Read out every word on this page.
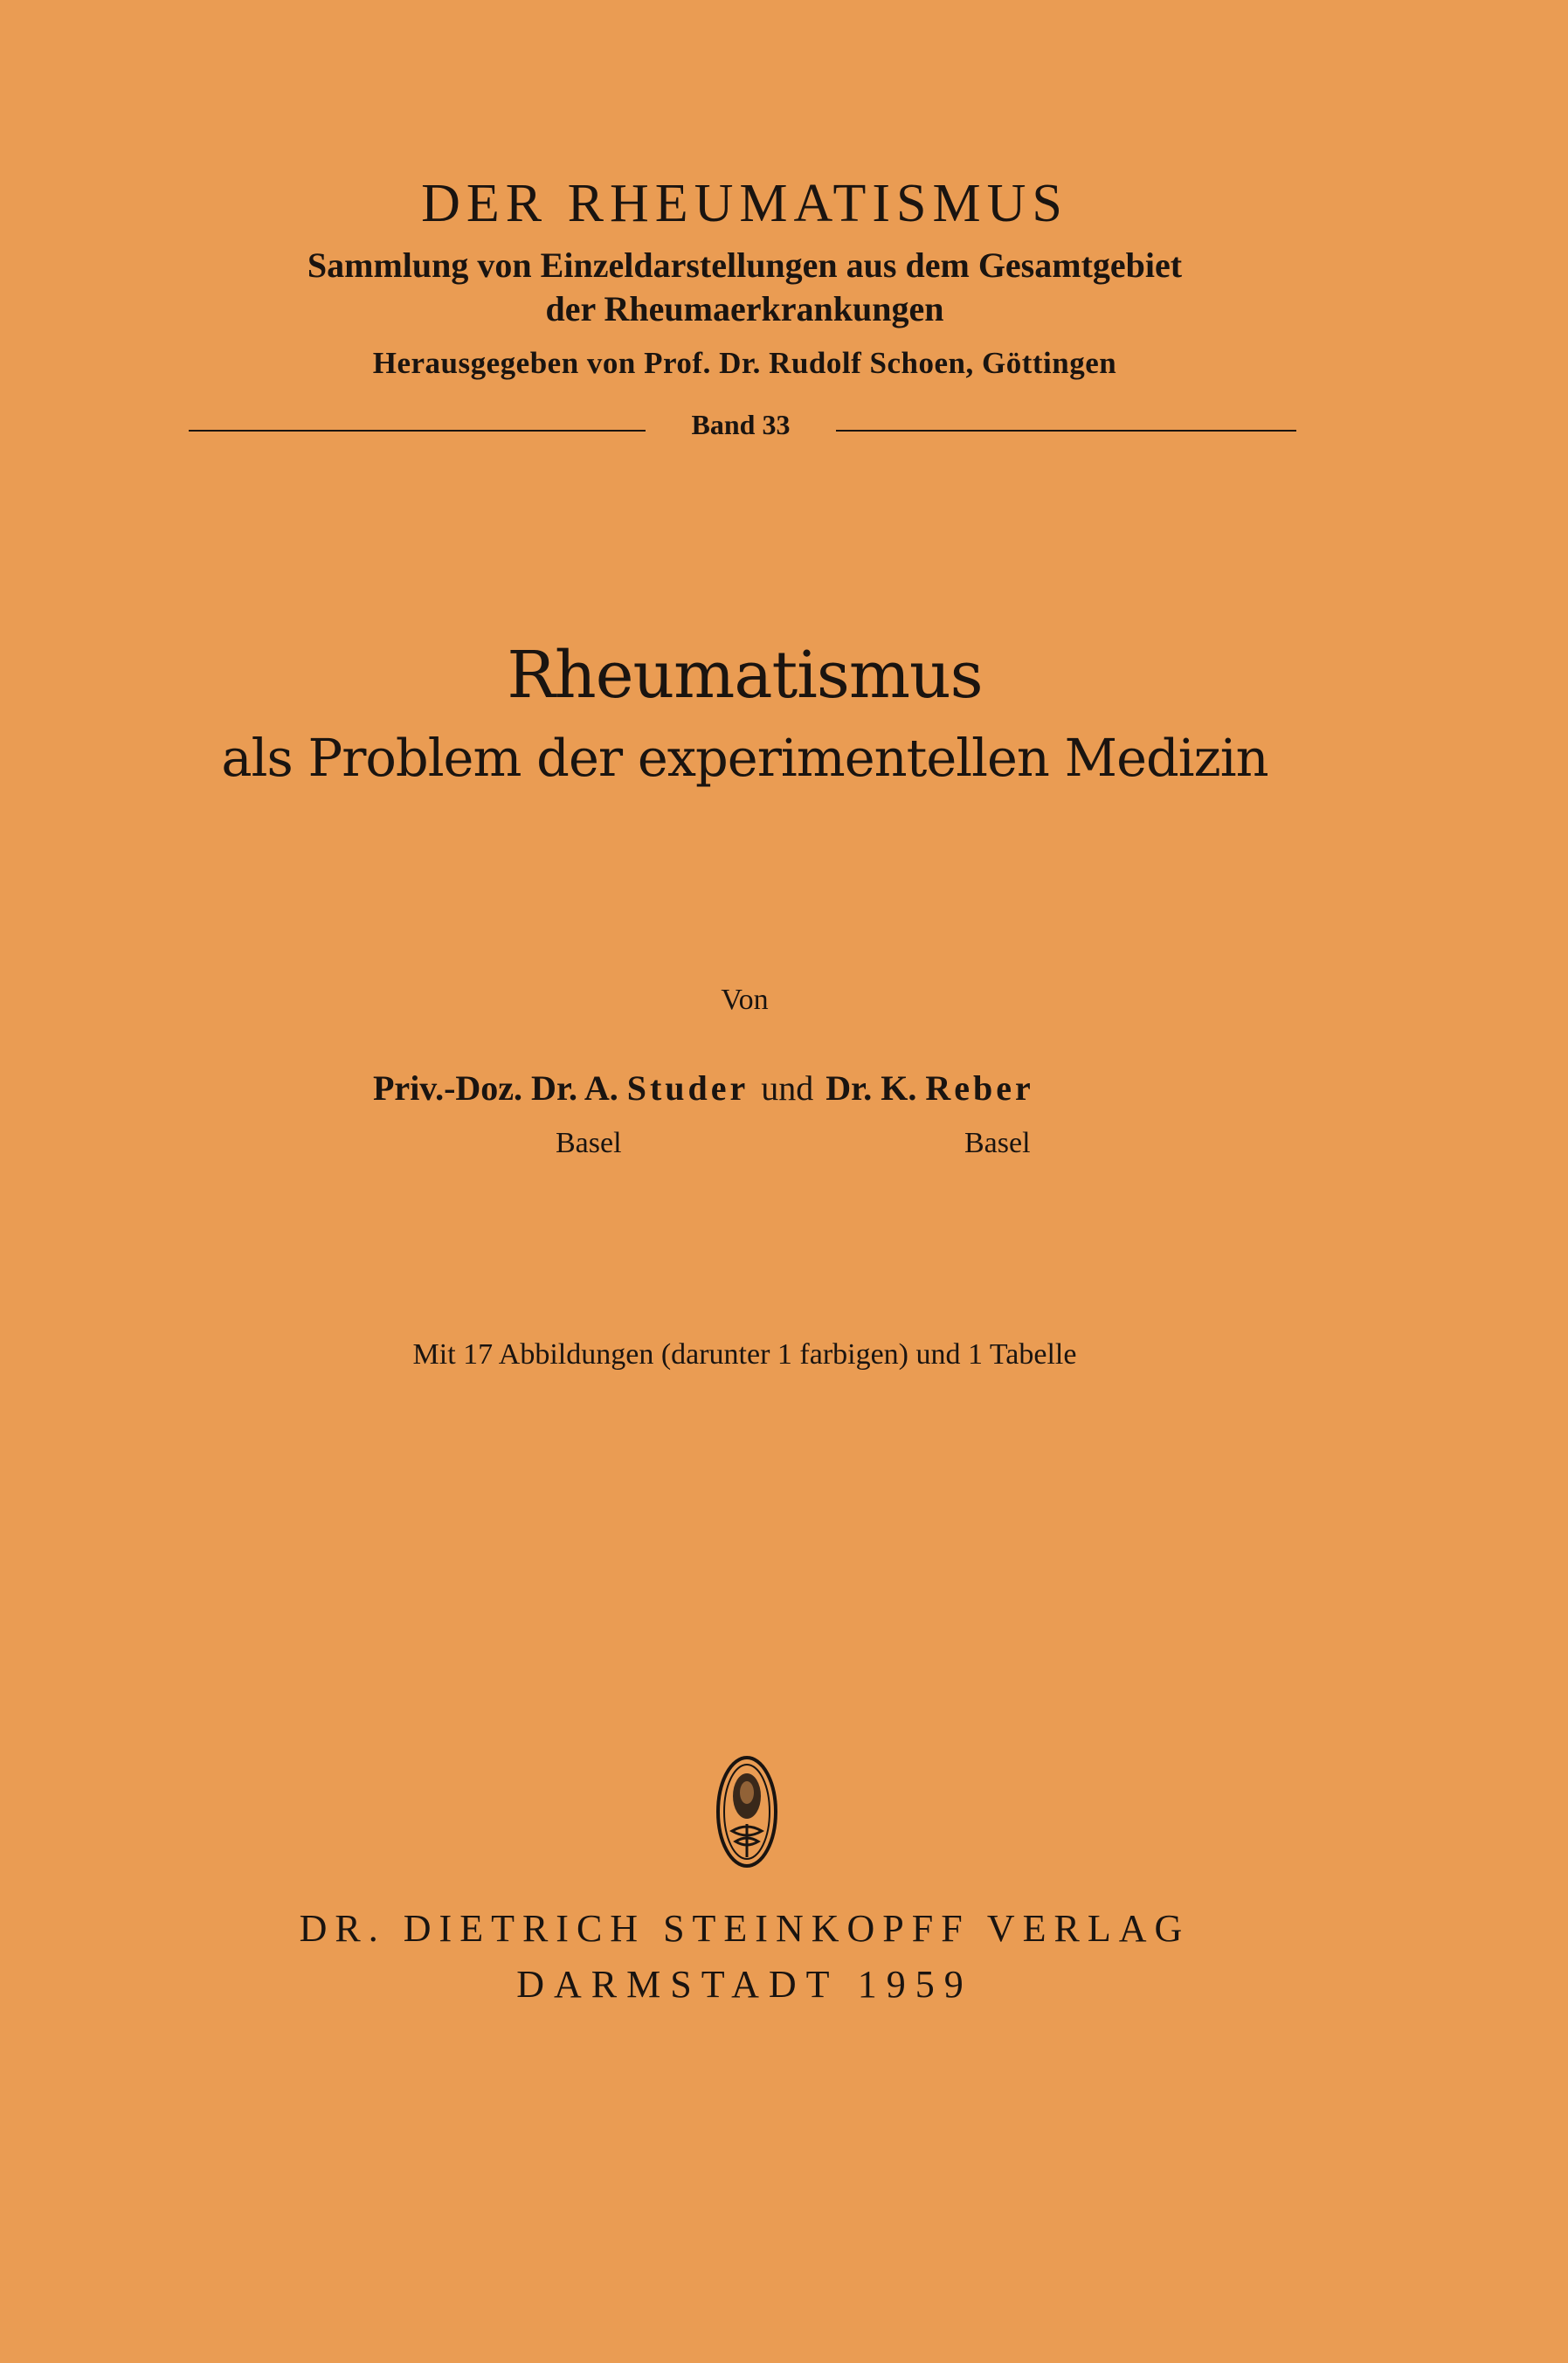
DER RHEUMATISMUS
Sammlung von Einzeldarstellungen aus dem Gesamtgebiet
der Rheumaerkrankungen
Herausgegeben von Prof. Dr. Rudolf Schoen, Göttingen
Band 33
Rheumatismus
als Problem der experimentellen Medizin
Von
Priv.-Doz. Dr. A. Studer und Dr. K. Reber
Basel	Basel
Mit 17 Abbildungen (darunter 1 farbigen) und 1 Tabelle
DR. DIETRICH STEINKOPFF VERLAG
DARMSTADT 1959
